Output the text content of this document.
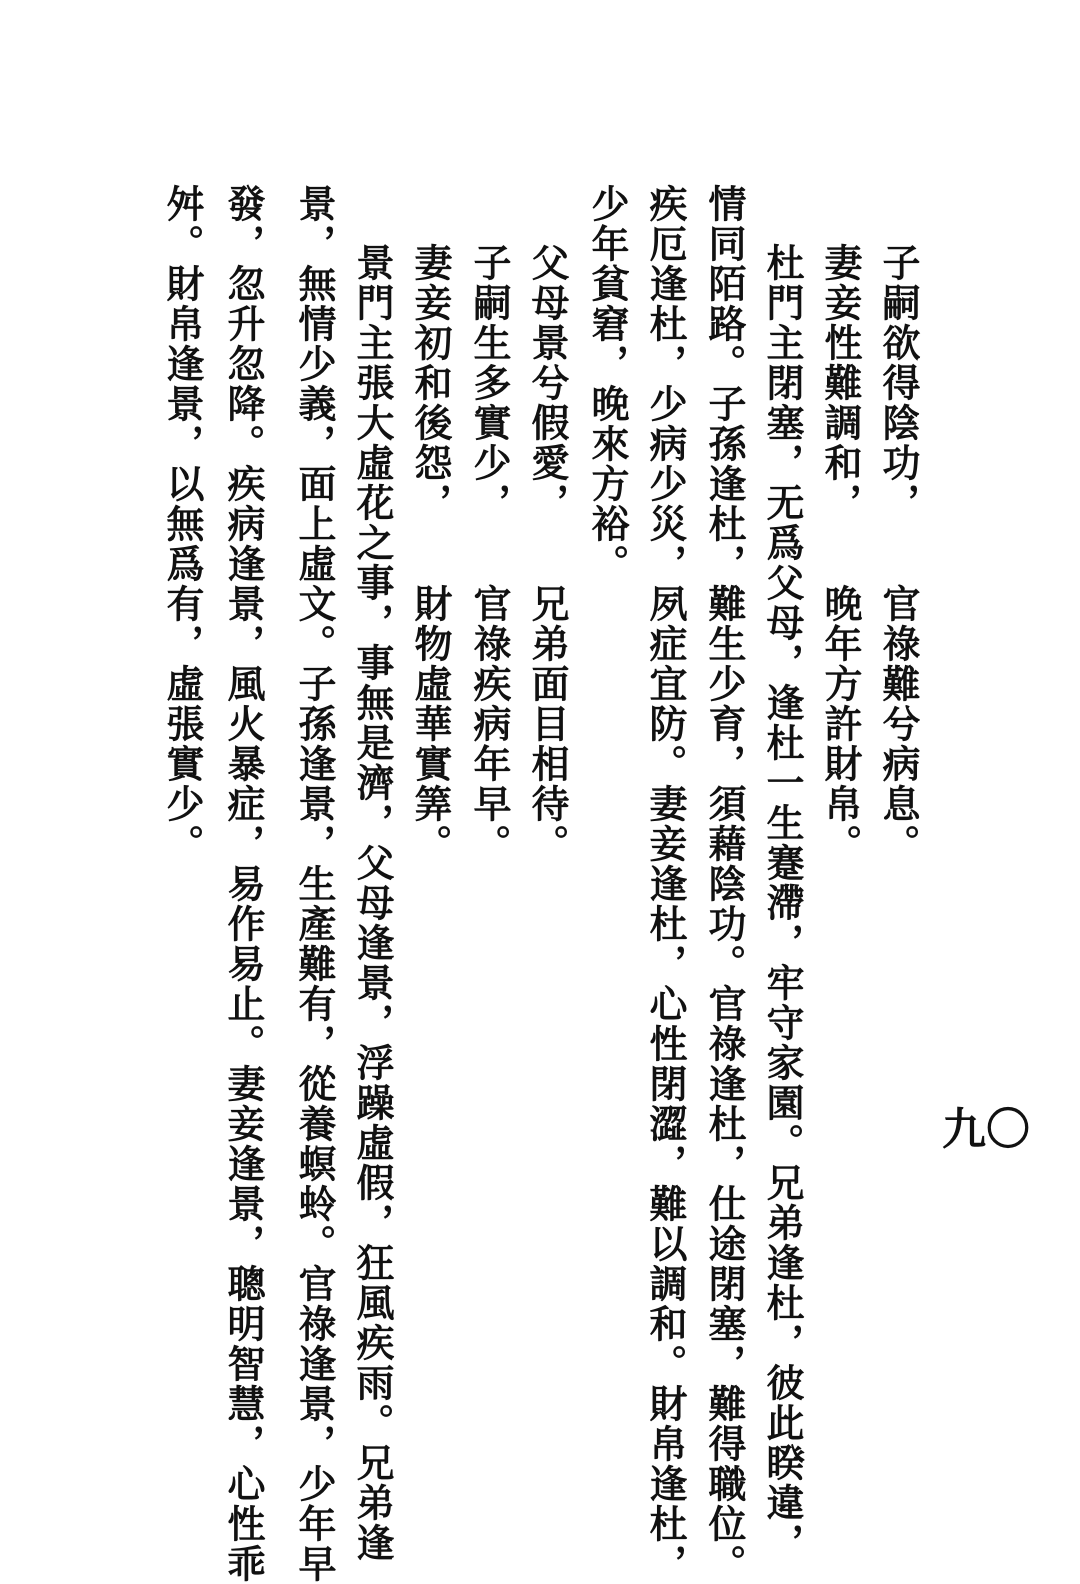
九〇
子嗣欲得陰功，　　官祿難兮病息。
妻妾性難調和，　　晚年方許財帛。
杜門主閉塞，无爲父母，逢杜一生蹇滯，牢守家園。兄弟逢杜，彼此睽違，
情同陌路。子孫逢杜，難生少育，須藉陰功。官祿逢杜，仕途閉塞，難得職位。
疾厄逢杜，少病少災，夙症宜防。妻妾逢杜，心性閉澀，難以調和。財帛逢杜，
少年貧窘，晚來方裕。
父母景兮假愛，　　兄弟面目相待。
子嗣生多實少，　　官祿疾病年早。
妻妾初和後怨，　　財物虛華實筭。
景門主張大虛花之事，事無是濟，父母逢景，浮躁虛假，狂風疾雨。兄弟逢
景，無情少義，面上虛文。子孫逢景，生產難有，從養螟蛉。官祿逢景，少年早
發，忽升忽降。疾病逢景，風火暴症，易作易止。妻妾逢景，聰明智慧，心性乖
舛。財帛逢景，以無爲有，虛張實少。
